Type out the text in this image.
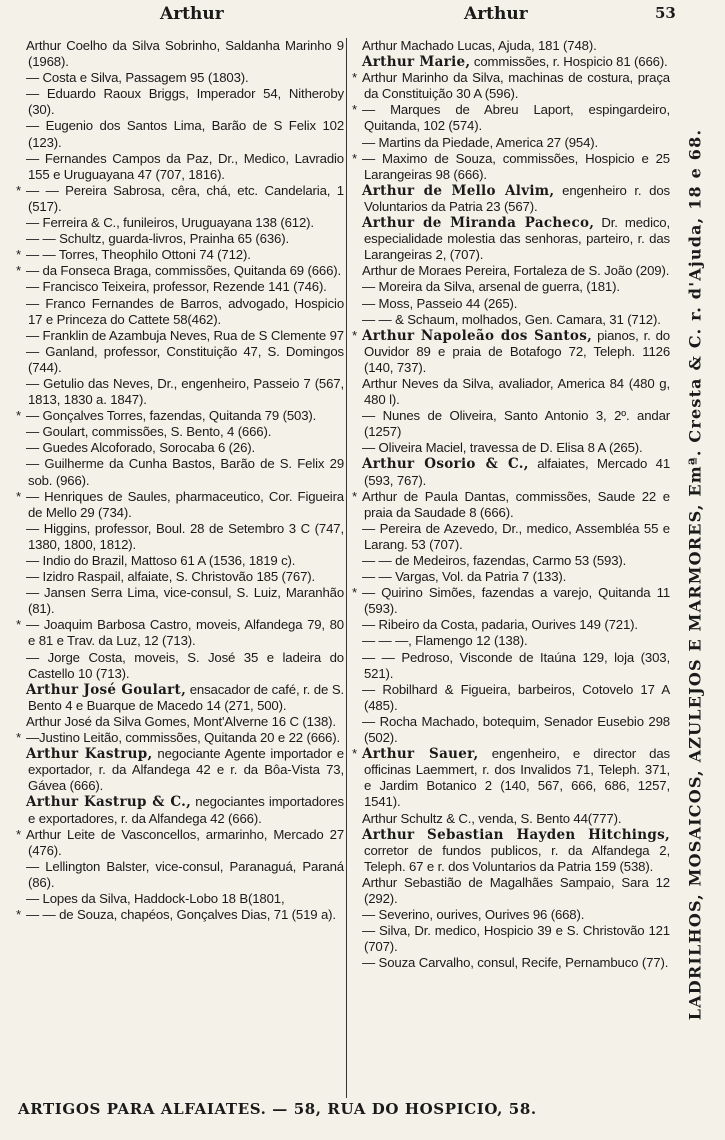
Arthur	Arthur	53

Arthur Coelho da Silva Sobrinho, Saldanha Marinho 9 (1968).

— Costa e Silva, Passagem 95 (1803).

— Eduardo Raoux Briggs, Imperador 54, Nitheroby (30).

— Eugenio dos Santos Lima, Barão de S Felix 102 (123).

— Fernandes Campos da Paz, Dr., Medico, Lavradio 155 e Uruguayana 47 (707, 1816).

* — — Pereira Sabrosa, cêra, chá, etc. Candelaria, 1 (517).

— Ferreira & C., funileiros, Uruguayana 138 (612).

— — Schultz, guarda-livros, Prainha 65 (636).

* — — Torres, Theophilo Ottoni 74 (712).

* — da Fonseca Braga, commissões, Quitanda 69 (666).

— Francisco Teixeira, professor, Rezende 141 (746).

— Franco Fernandes de Barros, advogado, Hospicio 17 e Princeza do Cattete 58(462).

— Franklin de Azambuja Neves, Rua de S Clemente 97

— Ganland, professor, Constituição 47, S. Domingos (744).

— Getulio das Neves, Dr., engenheiro, Passeio 7 (567, 1813, 1830 a. 1847).

* — Gonçalves Torres, fazendas, Quitanda 79 (503).

— Goulart, commissões, S. Bento, 4 (666).

— Guedes Alcoforado, Sorocaba 6 (26).

— Guilherme da Cunha Bastos, Barão de S. Felix 29 sob. (966).

* — Henriques de Saules, pharmaceutico, Cor. Figueira de Mello 29 (734).

— Higgins, professor, Boul. 28 de Setembro 3 C (747, 1380, 1800, 1812).

— Indio do Brazil, Mattoso 61 A (1536, 1819 c).

— Izidro Raspail, alfaiate, S. Christovão 185 (767).

— Jansen Serra Lima, vice-consul, S. Luiz, Maranhão (81).

* — Joaquim Barbosa Castro, moveis, Alfandega 79, 80 e 81 e Trav. da Luz, 12 (713).

— Jorge Costa, moveis, S. José 35 e ladeira do Castello 10 (713).

Arthur José Goulart, ensacador de café, r. de S. Bento 4 e Buarque de Macedo 14 (271, 500).

Arthur José da Silva Gomes, Mont'Alverne 16 C (138).

* —Justino Leitão, commissões, Quitanda 20 e 22 (666).

Arthur Kastrup, negociante Agente importador e exportador, r. da Alfandega 42 e r. da Bôa-Vista 73, Gávea (666).

Arthur Kastrup & C., negociantes importadores e exportadores, r. da Alfandega 42 (666).

* Arthur Leite de Vasconcellos, armarinho, Mercado 27 (476).

— Lellington Balster, vice-consul, Paranaguá, Paraná (86).

— Lopes da Silva, Haddock-Lobo 18 B(1801,

* — — de Souza, chapéos, Gonçalves Dias, 71 (519 a).

Arthur Machado Lucas, Ajuda, 181 (748).

Arthur Marie, commissões, r. Hospicio 81 (666).

* Arthur Marinho da Silva, machinas de costura, praça da Constituição 30 A (596).

* — Marques de Abreu Laport, espingardeiro, Quitanda, 102 (574).

— Martins da Piedade, America 27 (954).

* — Maximo de Souza, commissões, Hospicio e 25 Larangeiras 98 (666).

Arthur de Mello Alvim, engenheiro r. dos Voluntarios da Patria 23 (567).

Arthur de Miranda Pacheco, Dr. medico, especialidade molestia das senhoras, parteiro, r. das Larangeiras 2, (707).

Arthur de Moraes Pereira, Fortaleza de S. João (209).

— Moreira da Silva, arsenal de guerra, (181).

— Moss, Passeio 44 (265).

— — & Schaum, molhados, Gen. Camara, 31 (712).

* Arthur Napoleão dos Santos, pianos, r. do Ouvidor 89 e praia de Botafogo 72, Teleph. 1126 (140, 737).

Arthur Neves da Silva, avaliador, America 84 (480 g, 480 l).

— Nunes de Oliveira, Santo Antonio 3, 2º. andar (1257)

— Oliveira Maciel, travessa de D. Elisa 8 A (265).

Arthur Osorio & C., alfaiates, Mercado 41 (593, 767).

* Arthur de Paula Dantas, commissões, Saude 22 e praia da Saudade 8 (666).

— Pereira de Azevedo, Dr., medico, Assembléa 55 e Larang. 53 (707).

— — de Medeiros, fazendas, Carmo 53 (593).

— — Vargas, Vol. da Patria 7 (133).

* — Quirino Simões, fazendas a varejo, Quitanda 11 (593).

— Ribeiro da Costa, padaria, Ourives 149 (721).

— — —, Flamengo 12 (138).

— — Pedroso, Visconde de Itaúna 129, loja (303, 521).

— Robilhard & Figueira, barbeiros, Cotovelo 17 A (485).

— Rocha Machado, botequim, Senador Eusebio 298 (502).

* Arthur Sauer, engenheiro, e director das officinas Laemmert, r. dos Invalidos 71, Teleph. 371, e Jardim Botanico 2 (140, 567, 666, 686, 1257, 1541).

Arthur Schultz & C., venda, S. Bento 44(777).

Arthur Sebastian Hayden Hitchings, corretor de fundos publicos, r. da Alfandega 2, Teleph. 67 e r. dos Voluntarios da Patria 159 (538).

Arthur Sebastião de Magalhães Sampaio, Sara 12 (292).

— Severino, ourives, Ourives 96 (668).

— Silva, Dr. medico, Hospicio 39 e S. Christovão 121 (707).

— Souza Carvalho, consul, Recife, Pernambuco (77). LADRILHOS, MOSAICOS, AZULEJOS E MARMORES, Emª. Cresta & C. r. d'Ajuda, 18 e 68.
ARTIGOS PARA ALFAIATES. — 58, RUA DO HOSPICIO, 58.
